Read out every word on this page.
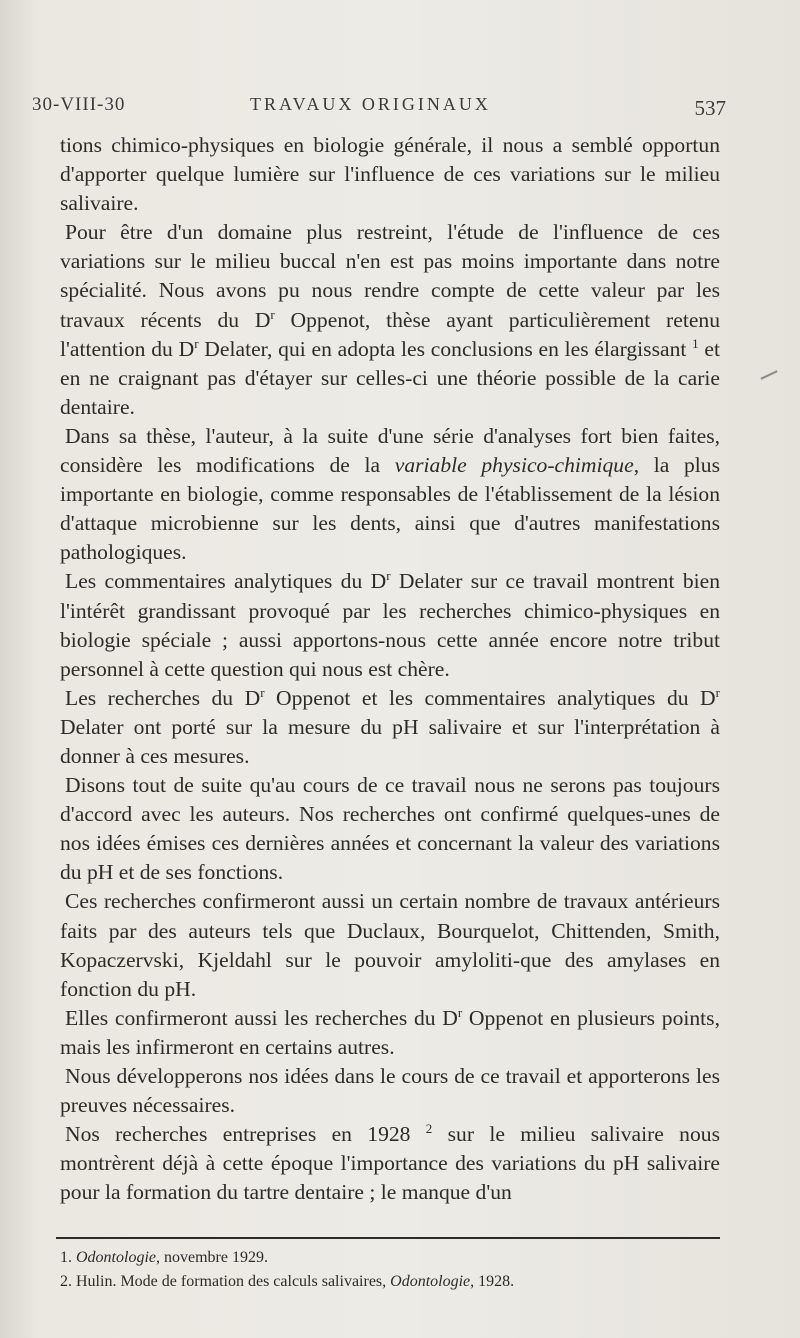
30-VIII-30	TRAVAUX ORIGINAUX	537

tions chimico-physiques en biologie générale, il nous a semblé opportun d'apporter quelque lumière sur l'influence de ces variations sur le milieu salivaire.

Pour être d'un domaine plus restreint, l'étude de l'influence de ces variations sur le milieu buccal n'en est pas moins importante dans notre spécialité. Nous avons pu nous rendre compte de cette valeur par les travaux récents du $D^r$ Oppenot, thèse ayant particulièrement retenu l'attention du $D^r$ Delater, qui en adopta les conclusions en les élargissant $^1$ et en ne craignant pas d'étayer sur celles-ci une théorie possible de la carie dentaire.

Dans sa thèse, l'auteur, à la suite d'une série d'analyses fort bien faites, considère les modifications de la variable physico-chimique, la plus importante en biologie, comme responsables de l'établissement de la lésion d'attaque microbienne sur les dents, ainsi que d'autres manifestations pathologiques.

Les commentaires analytiques du $D^r$ Delater sur ce travail montrent bien l'intérêt grandissant provoqué par les recherches chimico-physiques en biologie spéciale ; aussi apportons-nous cette année encore notre tribut personnel à cette question qui nous est chère.

Les recherches du $D^r$ Oppenot et les commentaires analytiques du $D^r$ Delater ont porté sur la mesure du pH salivaire et sur l'interprétation à donner à ces mesures.

Disons tout de suite qu'au cours de ce travail nous ne serons pas toujours d'accord avec les auteurs. Nos recherches ont confirmé quelques-unes de nos idées émises ces dernières années et concernant la valeur des variations du pH et de ses fonctions.

Ces recherches confirmeront aussi un certain nombre de travaux antérieurs faits par des auteurs tels que Duclaux, Bourquelot, Chittenden, Smith, Kopaczervski, Kjeldahl sur le pouvoir amyloliti-que des amylases en fonction du pH.

Elles confirmeront aussi les recherches du $D^r$ Oppenot en plusieurs points, mais les infirmeront en certains autres.

Nous développerons nos idées dans le cours de ce travail et apporterons les preuves nécessaires.

Nos recherches entreprises en 1928 $^2$ sur le milieu salivaire nous montrèrent déjà à cette époque l'importance des variations du pH salivaire pour la formation du tartre dentaire ; le manque d'un

1. Odontologie, novembre 1929.
2. Hulin. Mode de formation des calculs salivaires, Odontologie, 1928.
